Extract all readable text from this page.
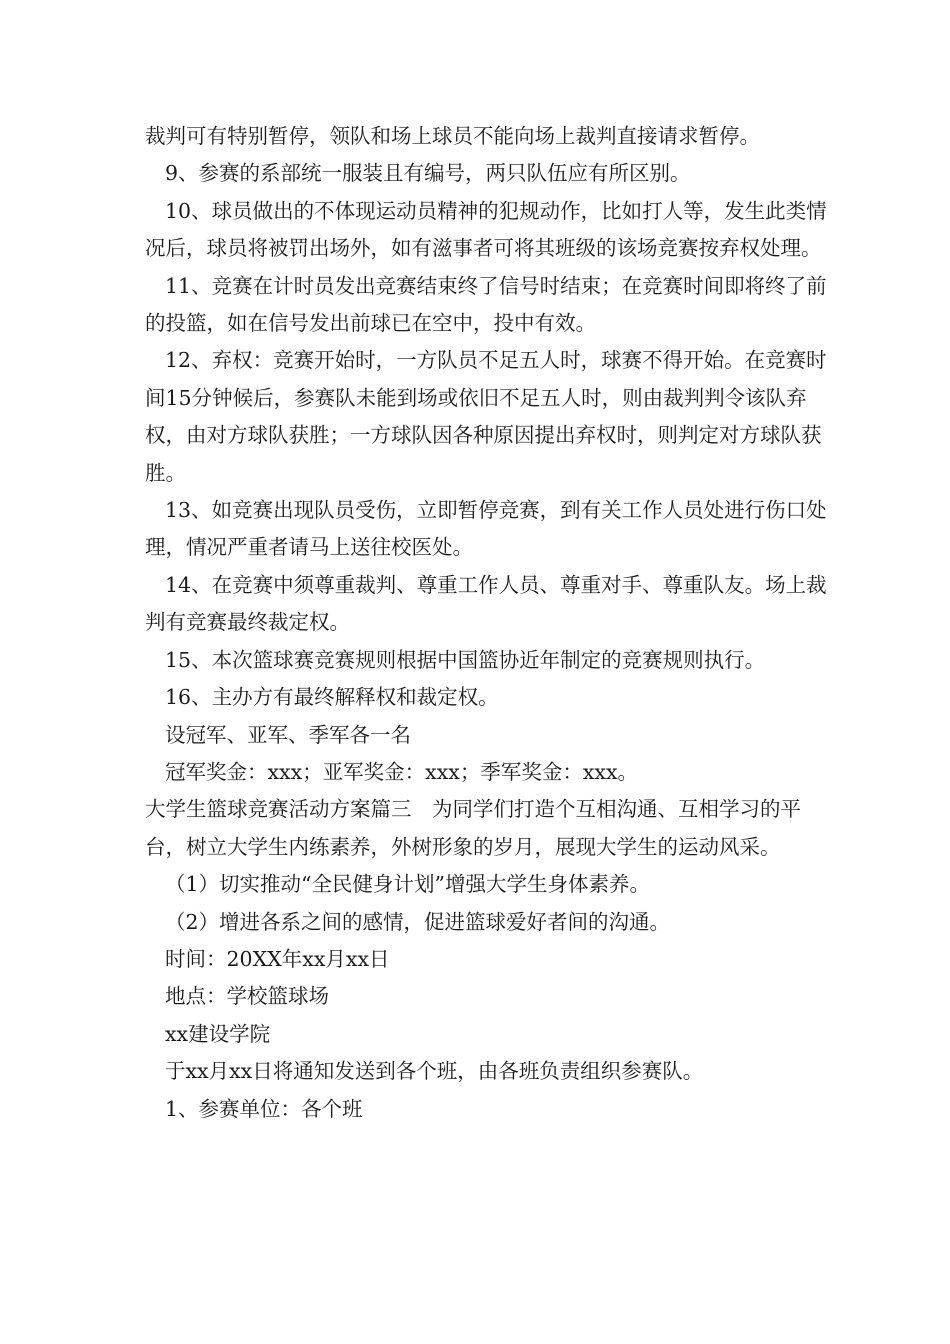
裁判可有特别暂停，领队和场上球员不能向场上裁判直接请求暂停。

9、参赛的系部统一服装且有编号，两只队伍应有所区别。

10、球员做出的不体现运动员精神的犯规动作，比如打人等，发生此类情况后，球员将被罚出场外，如有滋事者可将其班级的该场竞赛按弃权处理。

11、竞赛在计时员发出竞赛结束终了信号时结束；在竞赛时间即将终了前的投篮，如在信号发出前球已在空中，投中有效。

12、弃权：竞赛开始时，一方队员不足五人时，球赛不得开始。在竞赛时间15分钟候后，参赛队未能到场或依旧不足五人时，则由裁判判令该队弃权，由对方球队获胜；一方球队因各种原因提出弃权时，则判定对方球队获胜。

13、如竞赛出现队员受伤，立即暂停竞赛，到有关工作人员处进行伤口处理，情况严重者请马上送往校医处。

14、在竞赛中须尊重裁判、尊重工作人员、尊重对手、尊重队友。场上裁判有竞赛最终裁定权。

15、本次篮球赛竞赛规则根据中国篮协近年制定的竞赛规则执行。

16、主办方有最终解释权和裁定权。

设冠军、亚军、季军各一名

冠军奖金：xxx；亚军奖金：xxx；季军奖金：xxx。

大学生篮球竞赛活动方案篇三　为同学们打造个互相沟通、互相学习的平台，树立大学生内练素养，外树形象的岁月，展现大学生的运动风采。

（1）切实推动“全民健身计划”增强大学生身体素养。

（2）增进各系之间的感情，促进篮球爱好者间的沟通。

时间：20XX年xx月xx日

地点：学校篮球场

xx建设学院

于xx月xx日将通知发送到各个班，由各班负责组织参赛队。

1、参赛单位：各个班
